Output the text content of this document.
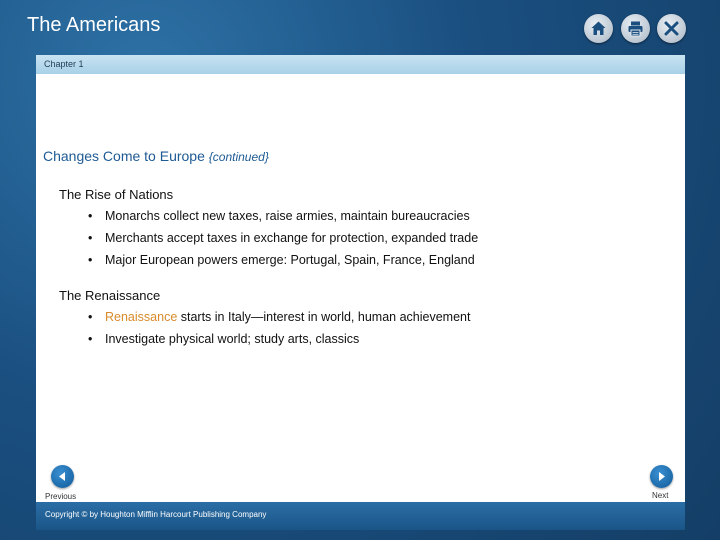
The Americans
Chapter 1
Changes Come to Europe {continued}
The Rise of Nations
• Monarchs collect new taxes, raise armies, maintain bureaucracies
• Merchants accept taxes in exchange for protection, expanded trade
• Major European powers emerge: Portugal, Spain, France, England
The Renaissance
• Renaissance starts in Italy—interest in world, human achievement
• Investigate physical world; study arts, classics
Previous	Next
Copyright © by Houghton Mifflin Harcourt Publishing Company
